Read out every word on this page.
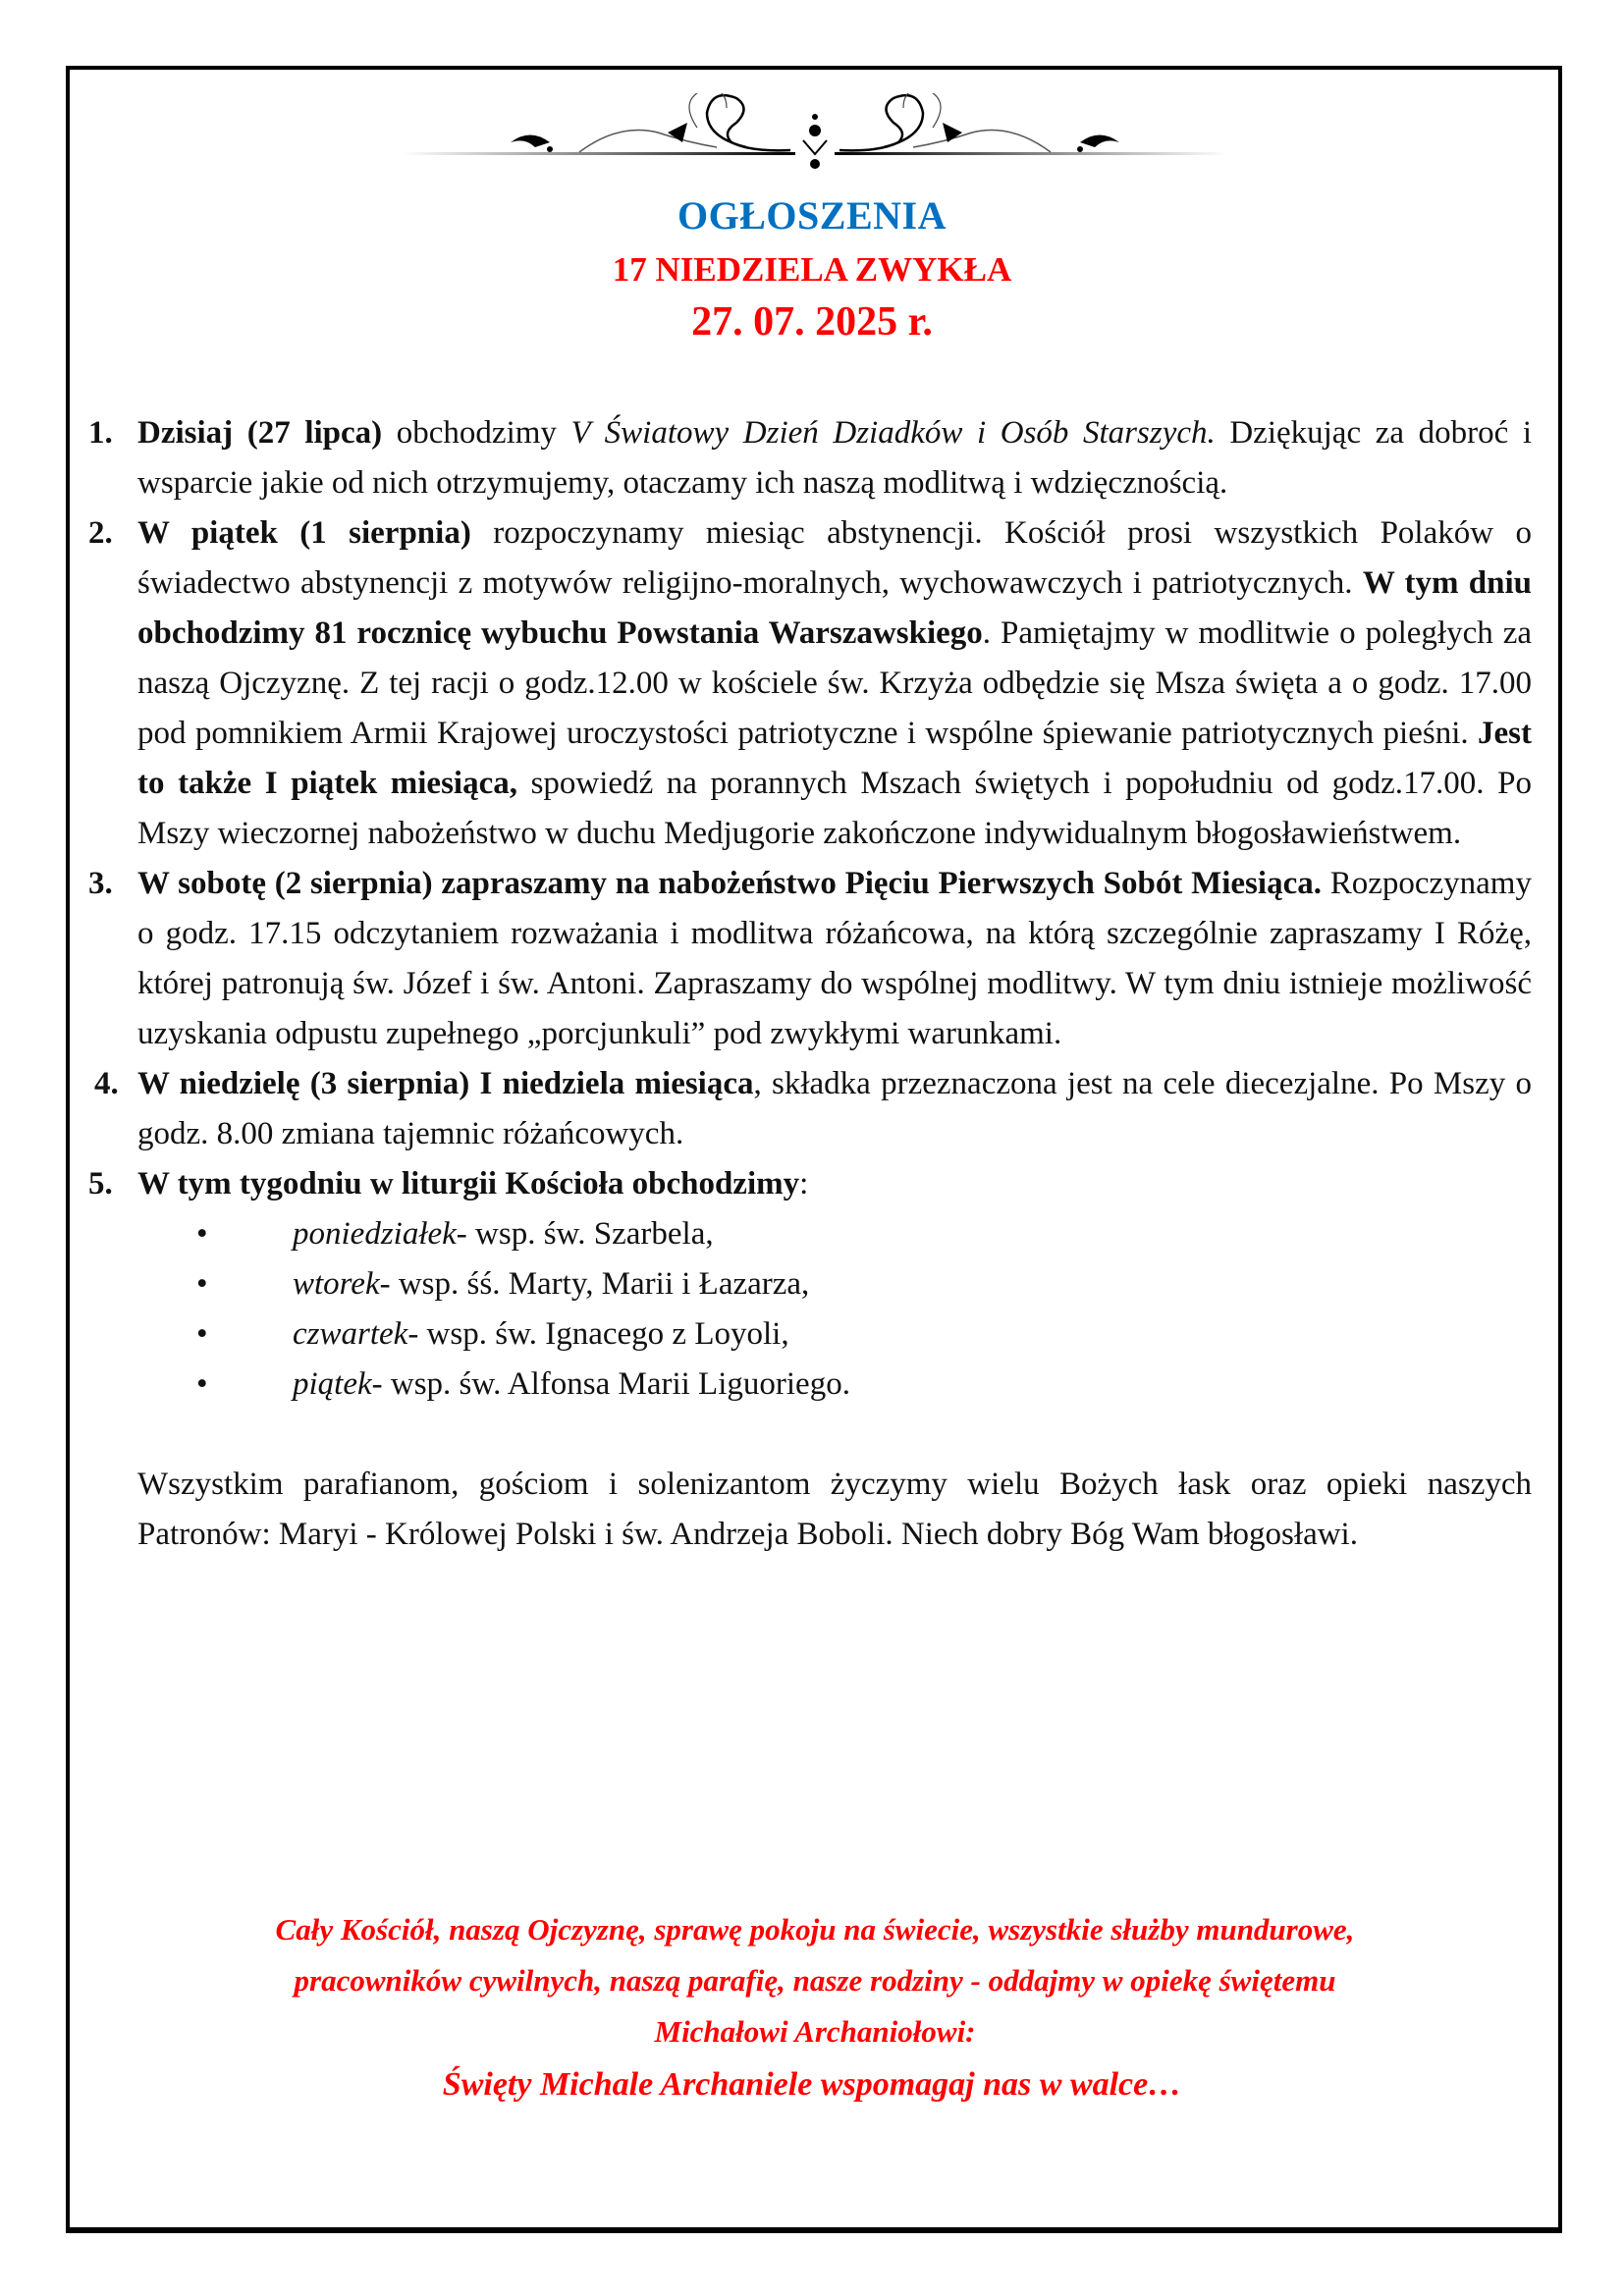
OGŁOSZENIA
17 NIEDZIELA ZWYKŁA
27. 07. 2025 r.
1. Dzisiaj (27 lipca) obchodzimy V Światowy Dzień Dziadków i Osób Starszych. Dziękując za dobroć i wsparcie jakie od nich otrzymujemy, otaczamy ich naszą modlitwą i wdzięcznością.
2. W piątek (1 sierpnia) rozpoczynamy miesiąc abstynencji. Kościół prosi wszystkich Polaków o świadectwo abstynencji z motywów religijno-moralnych, wychowawczych i patriotycznych. W tym dniu obchodzimy 81 rocznicę wybuchu Powstania Warszawskiego. Pamiętajmy w modlitwie o poległych za naszą Ojczyznę. Z tej racji o godz.12.00 w kościele św. Krzyża odbędzie się Msza święta a o godz. 17.00 pod pomnikiem Armii Krajowej uroczystości patriotyczne i wspólne śpiewanie patriotycznych pieśni. Jest to także I piątek miesiąca, spowiedź na porannych Mszach świętych i popołudniu od godz.17.00. Po Mszy wieczornej nabożeństwo w duchu Medjugorie zakończone indywidualnym błogosławieństwem.
3. W sobotę (2 sierpnia) zapraszamy na nabożeństwo Pięciu Pierwszych Sobót Miesiąca. Rozpoczynamy o godz. 17.15 odczytaniem rozważania i modlitwa różańcowa, na którą szczególnie zapraszamy I Różę, której patronują św. Józef i św. Antoni. Zapraszamy do wspólnej modlitwy. W tym dniu istnieje możliwość uzyskania odpustu zupełnego „porcjunkuli” pod zwykłymi warunkami.
4. W niedzielę (3 sierpnia) I niedziela miesiąca, składka przeznaczona jest na cele diecezjalne. Po Mszy o godz. 8.00 zmiana tajemnic różańcowych.
5. W tym tygodniu w liturgii Kościoła obchodzimy:
•	poniedziałek- wsp. św. Szarbela,
•	wtorek- wsp. śś. Marty, Marii i Łazarza,
•	czwartek- wsp. św. Ignacego z Loyoli,
•	piątek- wsp. św. Alfonsa Marii Liguoriego.
Wszystkim parafianom, gościom i solenizantom życzymy wielu Bożych łask oraz opieki naszych Patronów: Maryi - Królowej Polski i św. Andrzeja Boboli. Niech dobry Bóg Wam błogosławi.
Cały Kościół, naszą Ojczyznę, sprawę pokoju na świecie, wszystkie służby mundurowe,
pracowników cywilnych, naszą parafię, nasze rodziny - oddajmy w opiekę świętemu
Michałowi Archaniołowi:
Święty Michale Archaniele wspomagaj nas w walce…
